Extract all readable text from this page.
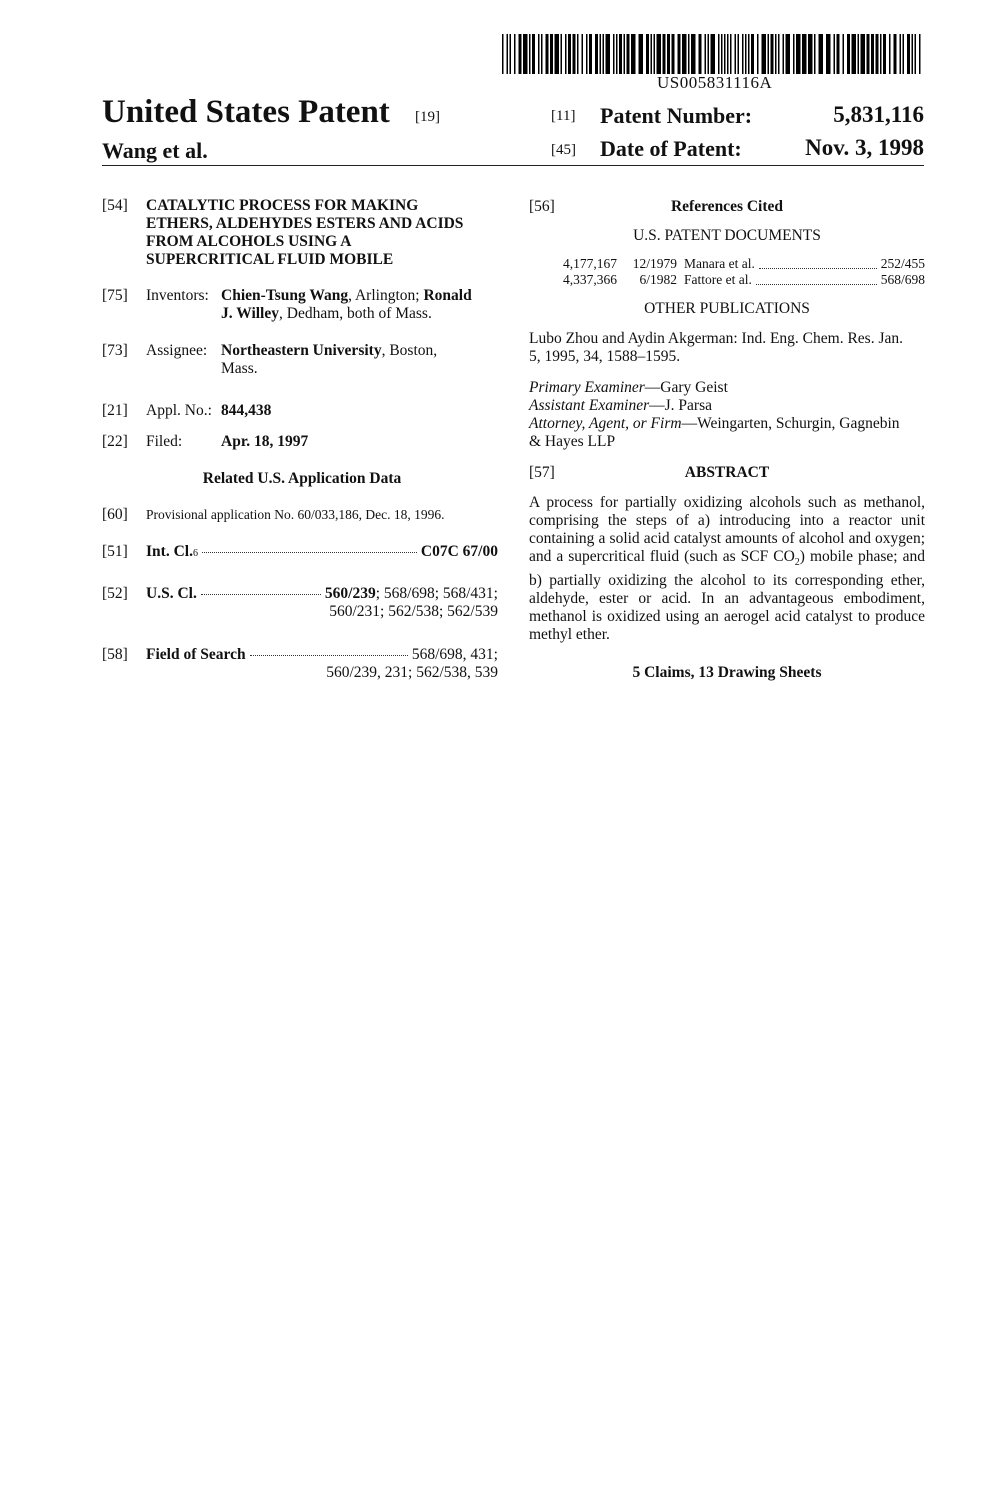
US005831116A
United States Patent [19]
Wang et al.
[11] Patent Number:	5,831,116
[45] Date of Patent:	Nov. 3, 1998
[54] CATALYTIC PROCESS FOR MAKING
ETHERS, ALDEHYDES ESTERS AND ACIDS
FROM ALCOHOLS USING A
SUPERCRITICAL FLUID MOBILE
[75] Inventors: Chien-Tsung Wang, Arlington; Ronald
J. Willey, Dedham, both of Mass.
[73] Assignee: Northeastern University, Boston,
Mass.
[21] Appl. No.: 844,438
[22] Filed:	Apr. 18, 1997
Related U.S. Application Data
[60] Provisional application No. 60/033,186, Dec. 18, 1996.
[51] Int. Cl. 6	C07C 67/00
[52] U.S. Cl.	560/239; 568/698; 568/431;
560/231; 562/538; 562/539
[58] Field of Search	568/698, 431;
560/239, 231; 562/538, 539
[56]	References Cited
U.S. PATENT DOCUMENTS
4,177,167	12/1979 Manara et al.	252/455
4,337,366	6/1982 Fattore et al.	568/698
OTHER PUBLICATIONS
Lubo Zhou and Aydin Akgerman: Ind. Eng. Chem. Res. Jan.
5, 1995, 34, 1588–1595.
Primary Examiner—Gary Geist
Assistant Examiner—J. Parsa
Attorney, Agent, or Firm—Weingarten, Schurgin, Gagnebin
& Hayes LLP
[57]	ABSTRACT
A process for partially oxidizing alcohols such as methanol, comprising the steps of a) introducing into a reactor unit containing a solid acid catalyst amounts of alcohol and oxygen; and a supercritical fluid (such as SCF $CO_2$) mobile phase; and b) partially oxidizing the alcohol to its corresponding ether, aldehyde, ester or acid. In an advantageous embodiment, methanol is oxidized using an aerogel acid catalyst to produce methyl ether.
5 Claims, 13 Drawing Sheets
